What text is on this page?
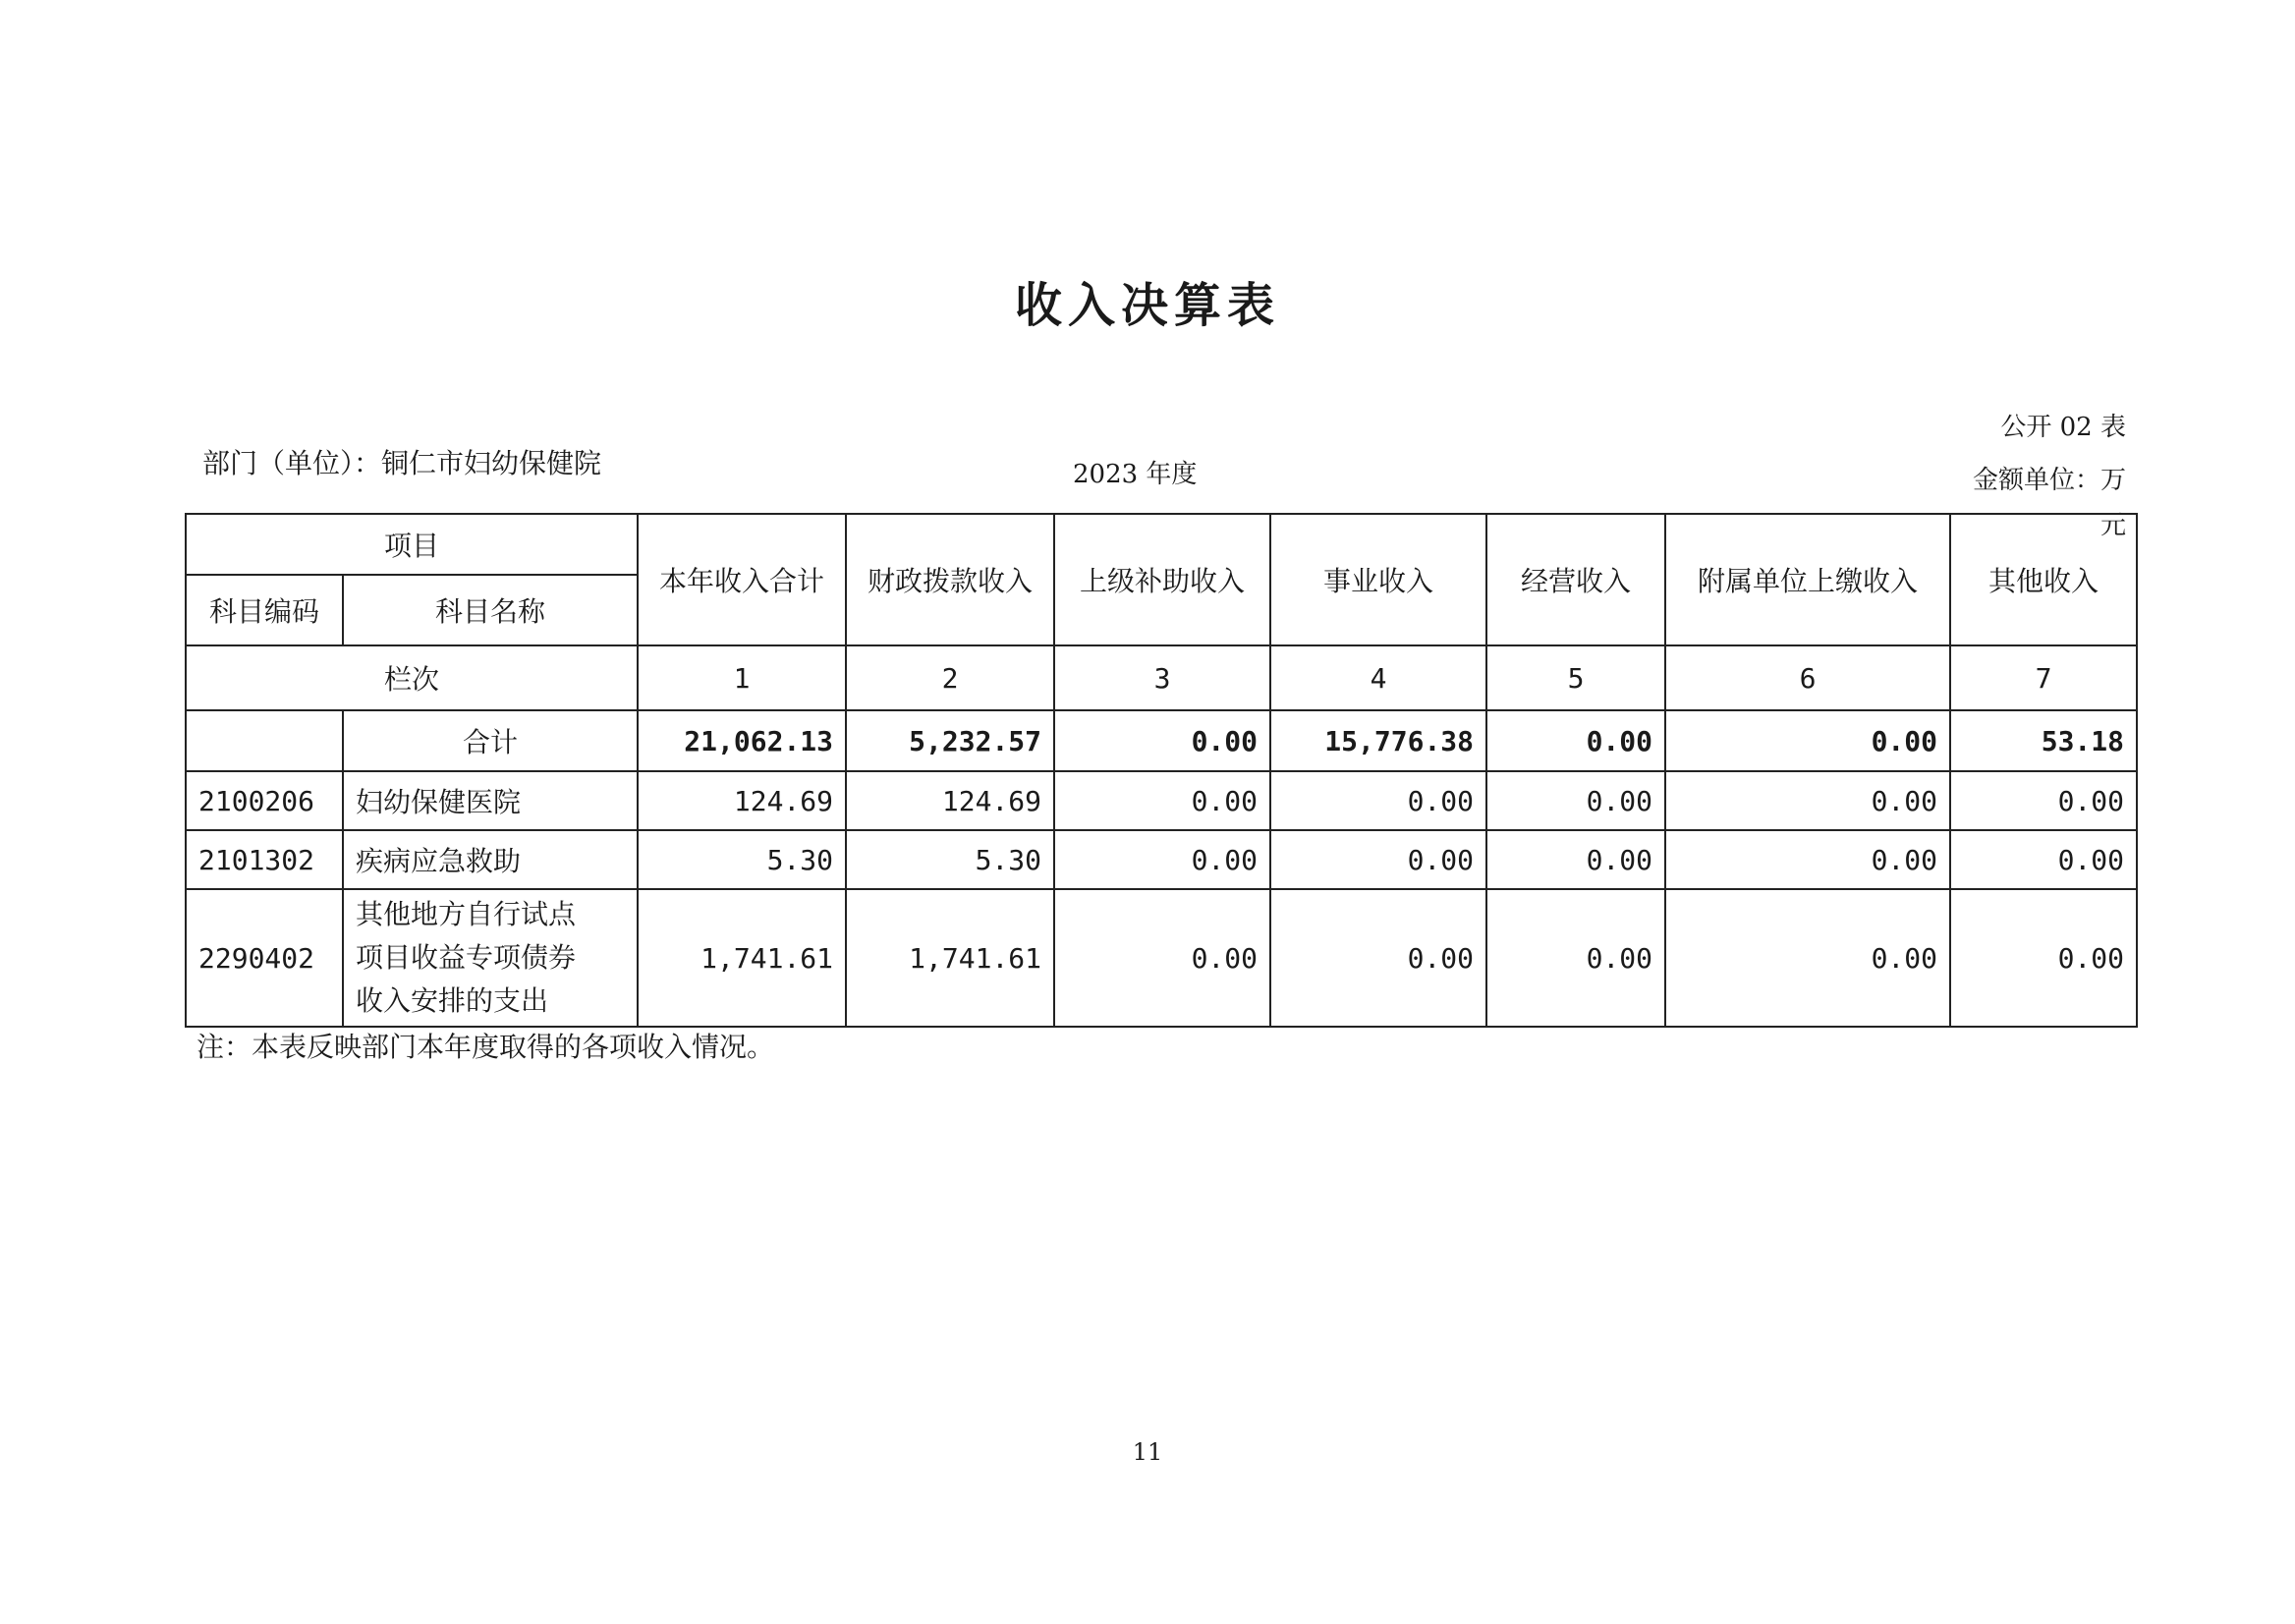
收入决算表
公开 02 表
部门（单位）：铜仁市妇幼保健院	2023 年度	金额单位：万元
项目		本年收入合计	财政拨款收入	上级补助收入	事业收入	经营收入	附属单位上缴收入	其他收入
科目编码	科目名称							
栏次		1	2	3	4	5	6	7
	合计	21,062.13	5,232.57	0.00	15,776.38	0.00	0.00	53.18
2100206	妇幼保健医院	124.69	124.69	0.00	0.00	0.00	0.00	0.00
2101302	疾病应急救助	5.30	5.30	0.00	0.00	0.00	0.00	0.00
2290402	其他地方自行试点
项目收益专项债券
收入安排的支出	1,741.61	1,741.61	0.00	0.00	0.00	0.00	0.00
注：本表反映部门本年度取得的各项收入情况。
11
